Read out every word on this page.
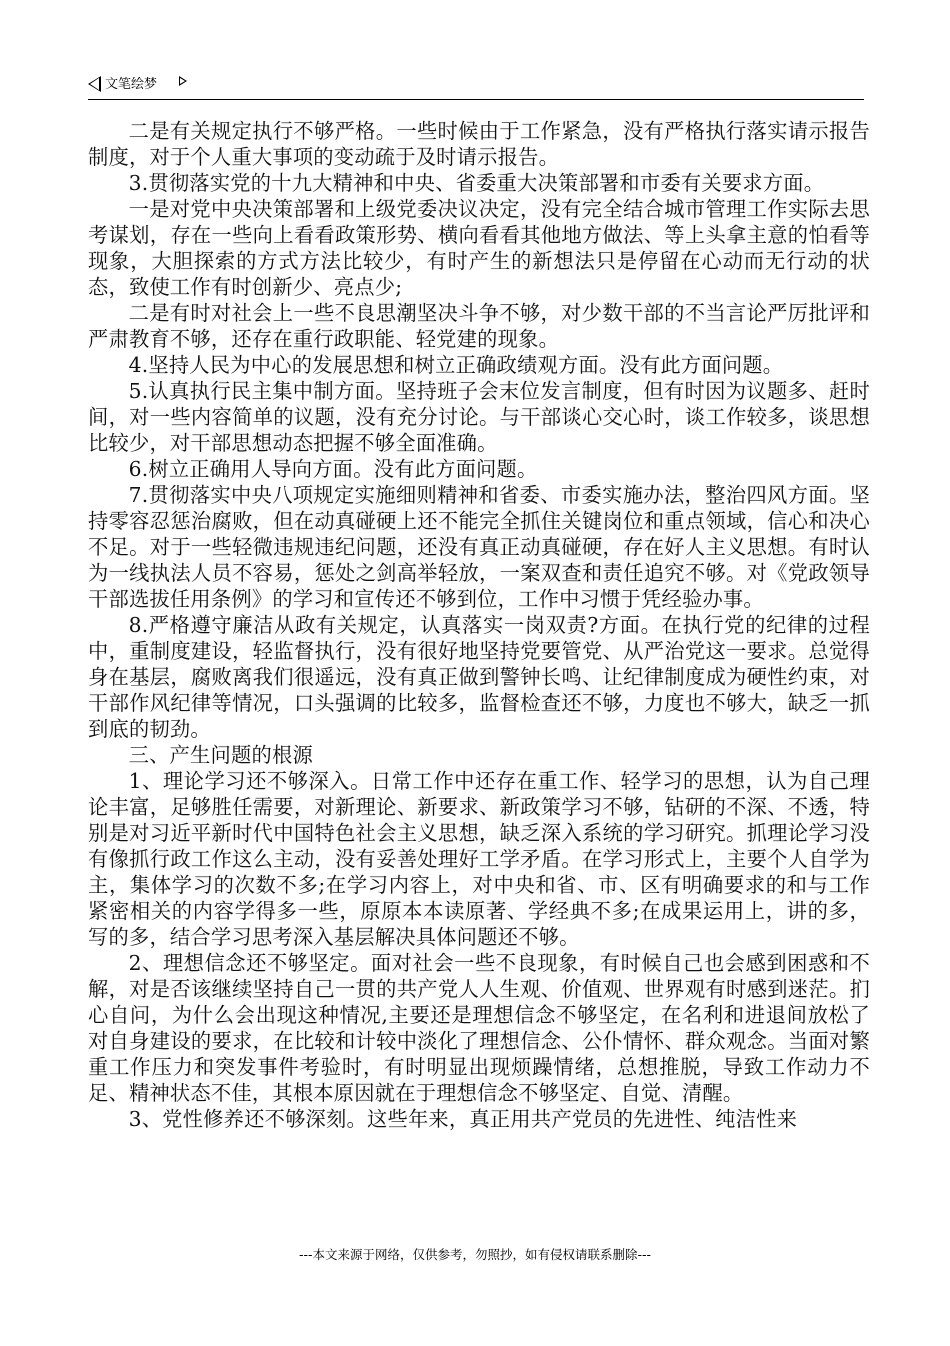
文笔绘梦

二是有关规定执行不够严格。一些时候由于工作紧急，没有严格执行落实请示报告制度，对于个人重大事项的变动疏于及时请示报告。

3.贯彻落实党的十九大精神和中央、省委重大决策部署和市委有关要求方面。

一是对党中央决策部署和上级党委决议决定，没有完全结合城市管理工作实际去思考谋划，存在一些向上看看政策形势、横向看看其他地方做法、等上头拿主意的怕看等现象，大胆探索的方式方法比较少，有时产生的新想法只是停留在心动而无行动的状态，致使工作有时创新少、亮点少;

二是有时对社会上一些不良思潮坚决斗争不够，对少数干部的不当言论严厉批评和严肃教育不够，还存在重行政职能、轻党建的现象。

4.坚持人民为中心的发展思想和树立正确政绩观方面。没有此方面问题。

5.认真执行民主集中制方面。坚持班子会末位发言制度，但有时因为议题多、赶时间，对一些内容简单的议题，没有充分讨论。与干部谈心交心时，谈工作较多，谈思想比较少，对干部思想动态把握不够全面准确。

6.树立正确用人导向方面。没有此方面问题。

7.贯彻落实中央八项规定实施细则精神和省委、市委实施办法，整治四风方面。坚持零容忍惩治腐败，但在动真碰硬上还不能完全抓住关键岗位和重点领域，信心和决心不足。对于一些轻微违规违纪问题，还没有真正动真碰硬，存在好人主义思想。有时认为一线执法人员不容易，惩处之剑高举轻放，一案双查和责任追究不够。对《党政领导干部选拔任用条例》的学习和宣传还不够到位，工作中习惯于凭经验办事。

8.严格遵守廉洁从政有关规定，认真落实一岗双责?方面。在执行党的纪律的过程中，重制度建设，轻监督执行，没有很好地坚持党要管党、从严治党这一要求。总觉得身在基层，腐败离我们很遥远，没有真正做到警钟长鸣、让纪律制度成为硬性约束，对干部作风纪律等情况，口头强调的比较多，监督检查还不够，力度也不够大，缺乏一抓到底的韧劲。

三、产生问题的根源

1、理论学习还不够深入。日常工作中还存在重工作、轻学习的思想，认为自己理论丰富，足够胜任需要，对新理论、新要求、新政策学习不够，钻研的不深、不透，特别是对习近平新时代中国特色社会主义思想，缺乏深入系统的学习研究。抓理论学习没有像抓行政工作这么主动，没有妥善处理好工学矛盾。在学习形式上，主要个人自学为主，集体学习的次数不多;在学习内容上，对中央和省、市、区有明确要求的和与工作紧密相关的内容学得多一些，原原本本读原著、学经典不多;在成果运用上，讲的多，写的多，结合学习思考深入基层解决具体问题还不够。

2、理想信念还不够坚定。面对社会一些不良现象，有时候自己也会感到困惑和不解，对是否该继续坚持自己一贯的共产党人人生观、价值观、世界观有时感到迷茫。扪心自问，为什么会出现这种情况,主要还是理想信念不够坚定，在名利和进退间放松了对自身建设的要求，在比较和计较中淡化了理想信念、公仆情怀、群众观念。当面对繁重工作压力和突发事件考验时，有时明显出现烦躁情绪，总想推脱，导致工作动力不足、精神状态不佳，其根本原因就在于理想信念不够坚定、自觉、清醒。

3、党性修养还不够深刻。这些年来，真正用共产党员的先进性、纯洁性来

---本文来源于网络，仅供参考，勿照抄，如有侵权请联系删除---
